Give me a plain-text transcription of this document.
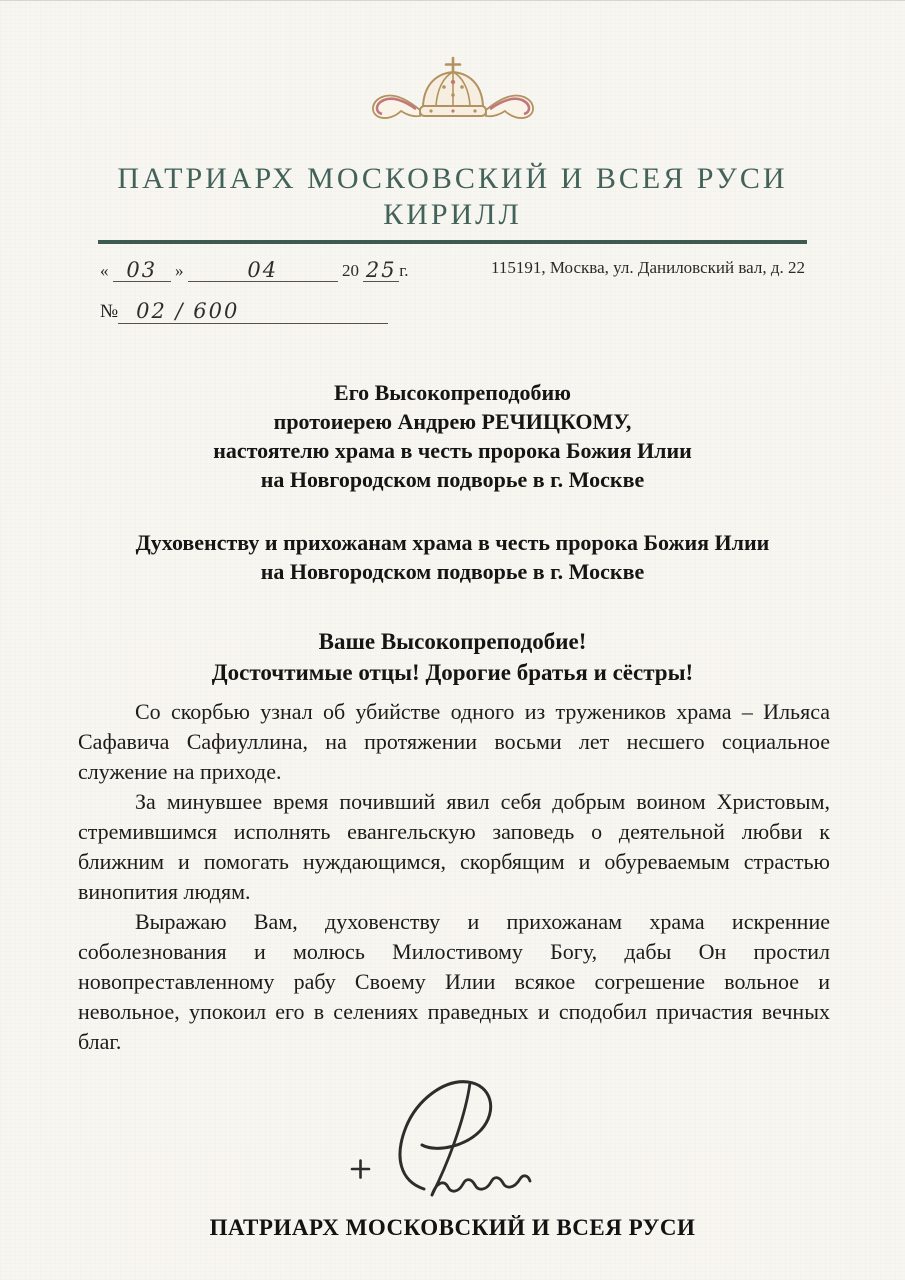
ПАТРИАРХ МОСКОВСКИЙ И ВСЕЯ РУСИ
КИРИЛЛ
« 03 »	04	20 25 г.	115191, Москва, ул. Даниловский вал, д. 22
№ 02 / 600
Его Высокопреподобию
протоиерею Андрею РЕЧИЦКОМУ,
настоятелю храма в честь пророка Божия Илии
на Новгородском подворье в г. Москве
Духовенству и прихожанам храма в честь пророка Божия Илии
на Новгородском подворье в г. Москве
Ваше Высокопреподобие!
Досточтимые отцы! Дорогие братья и сёстры!

Со скорбью узнал об убийстве одного из тружеников храма – Ильяса Сафавича Сафиуллина, на протяжении восьми лет несшего социальное служение на приходе.

За минувшее время почивший явил себя добрым воином Христовым, стремившимся исполнять евангельскую заповедь о деятельной любви к ближним и помогать нуждающимся, скорбящим и обуреваемым страстью винопития людям.

Выражаю Вам, духовенству и прихожанам храма искренние соболезнования и молюсь Милостивому Богу, дабы Он простил новопреставленному рабу Своему Илии всякое согрешение вольное и невольное, упокоил его в селениях праведных и сподобил причастия вечных благ.

ПАТРИАРХ МОСКОВСКИЙ И ВСЕЯ РУСИ
